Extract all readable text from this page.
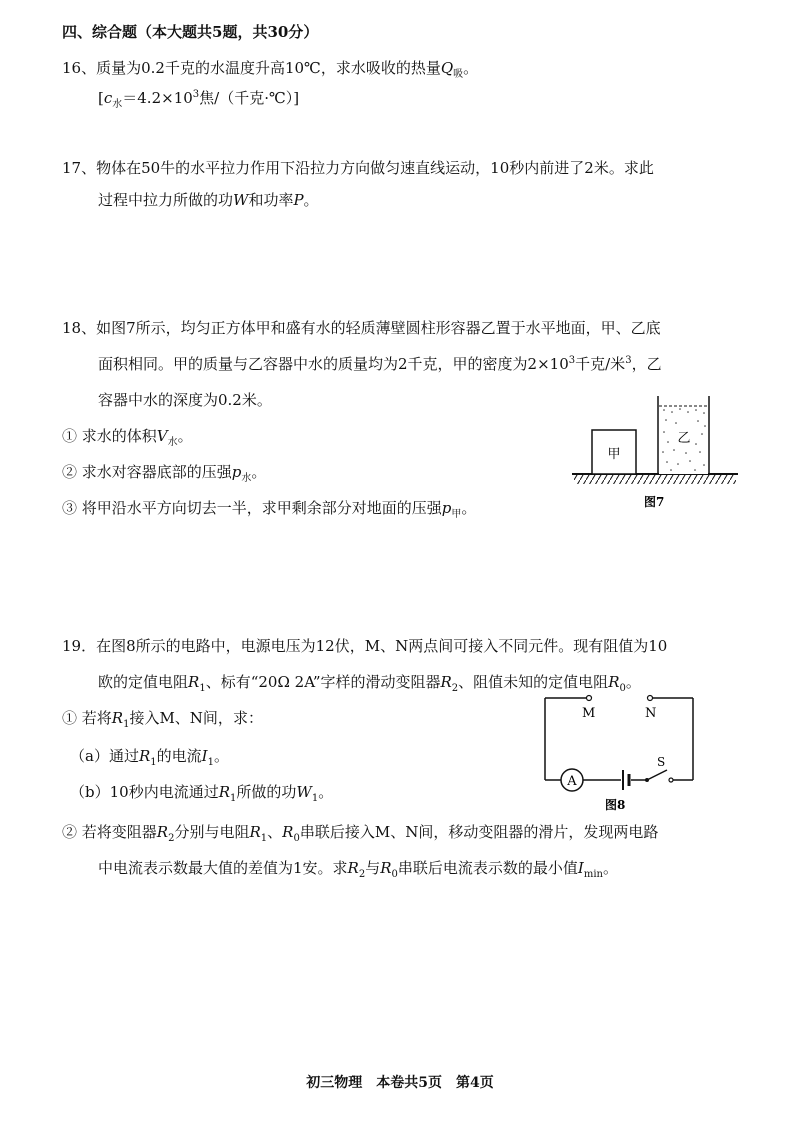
四、综合题（本大题共5题，共30分）
16、质量为0.2千克的水温度升高10℃，求水吸收的热量$Q_吸$。
[$c_水=4.2\times 10^3$焦/（千克·℃）]
17、物体在50牛的水平拉力作用下沿拉力方向做匀速直线运动，10秒内前进了2米。求此
过程中拉力所做的功W和功率P。
18、如图7所示，均匀正方体甲和盛有水的轻质薄壁圆柱形容器乙置于水平地面，甲、乙底
面积相同。甲的质量与乙容器中水的质量均为2千克，甲的密度为$2\times 10^3$千克/米$^3$，乙
容器中水的深度为0.2米。
① 求水的体积$V_水$。
② 求水对容器底部的压强$p_水$。
③ 将甲沿水平方向切去一半，求甲剩余部分对地面的压强$p_甲$。
甲
乙
图7
19．在图8所示的电路中，电源电压为12伏，M、N两点间可接入不同元件。现有阻值为10
欧的定值电阻$R_1$、标有“20Ω 2A”字样的滑动变阻器$R_2$、阻值未知的定值电阻$R_0$。
① 若将$R_1$接入M、N间，求：
（a）通过$R_1$的电流$I_1$。
（b）10秒内电流通过$R_1$所做的功$W_1$。
② 若将变阻器$R_2$分别与电阻$R_1$、$R_0$串联后接入M、N间，移动变阻器的滑片，发现两电路
中电流表示数最大值的差值为1安。求$R_2$与$R_0$串联后电流表示数的最小值$I_{min}$。
A
M	N
S
图8
初三物理　本卷共5页　第4页
